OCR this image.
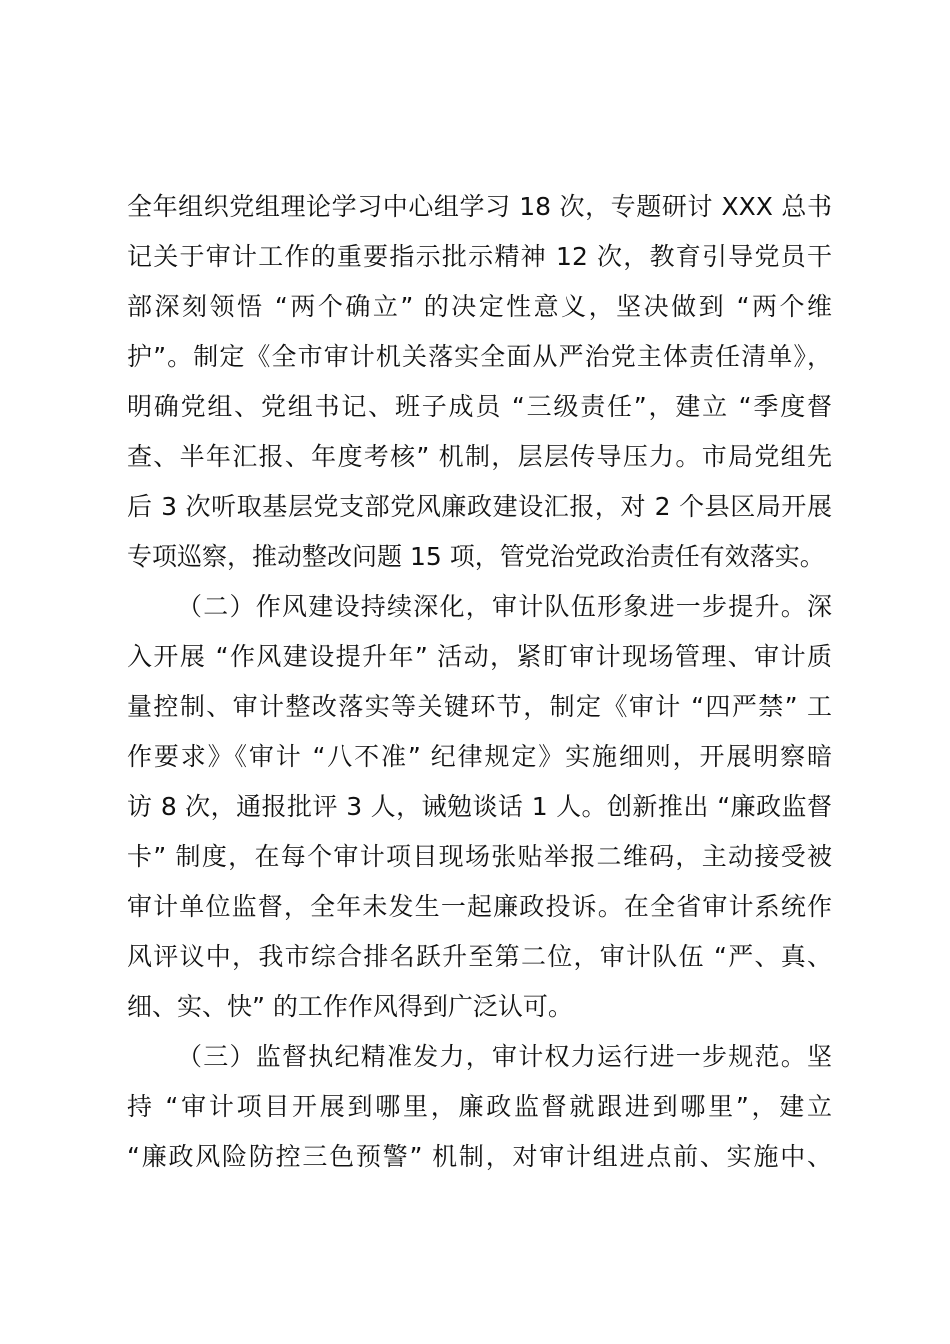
全年组织党组理论学习中心组学习 18 次，专题研讨 XXX 总书
记关于审计工作的重要指示批示精神 12 次，教育引导党员干
部深刻领悟 “两个确立” 的决定性意义，坚决做到 “两个维
护”。制定《全市审计机关落实全面从严治党主体责任清单》，
明确党组、党组书记、班子成员 “三级责任”，建立 “季度督
查、半年汇报、年度考核” 机制，层层传导压力。市局党组先
后 3 次听取基层党支部党风廉政建设汇报，对 2 个县区局开展
专项巡察，推动整改问题 15 项，管党治党政治责任有效落实。
（二）作风建设持续深化，审计队伍形象进一步提升。深
入开展 “作风建设提升年” 活动，紧盯审计现场管理、审计质
量控制、审计整改落实等关键环节，制定《审计 “四严禁” 工
作要求》《审计 “八不准” 纪律规定》实施细则，开展明察暗
访 8 次，通报批评 3 人，诫勉谈话 1 人。创新推出 “廉政监督
卡” 制度，在每个审计项目现场张贴举报二维码，主动接受被
审计单位监督，全年未发生一起廉政投诉。在全省审计系统作
风评议中，我市综合排名跃升至第二位，审计队伍 “严、真、
细、实、快” 的工作作风得到广泛认可。
（三）监督执纪精准发力，审计权力运行进一步规范。坚
持 “审计项目开展到哪里，廉政监督就跟进到哪里”，建立
“廉政风险防控三色预警” 机制，对审计组进点前、实施中、
